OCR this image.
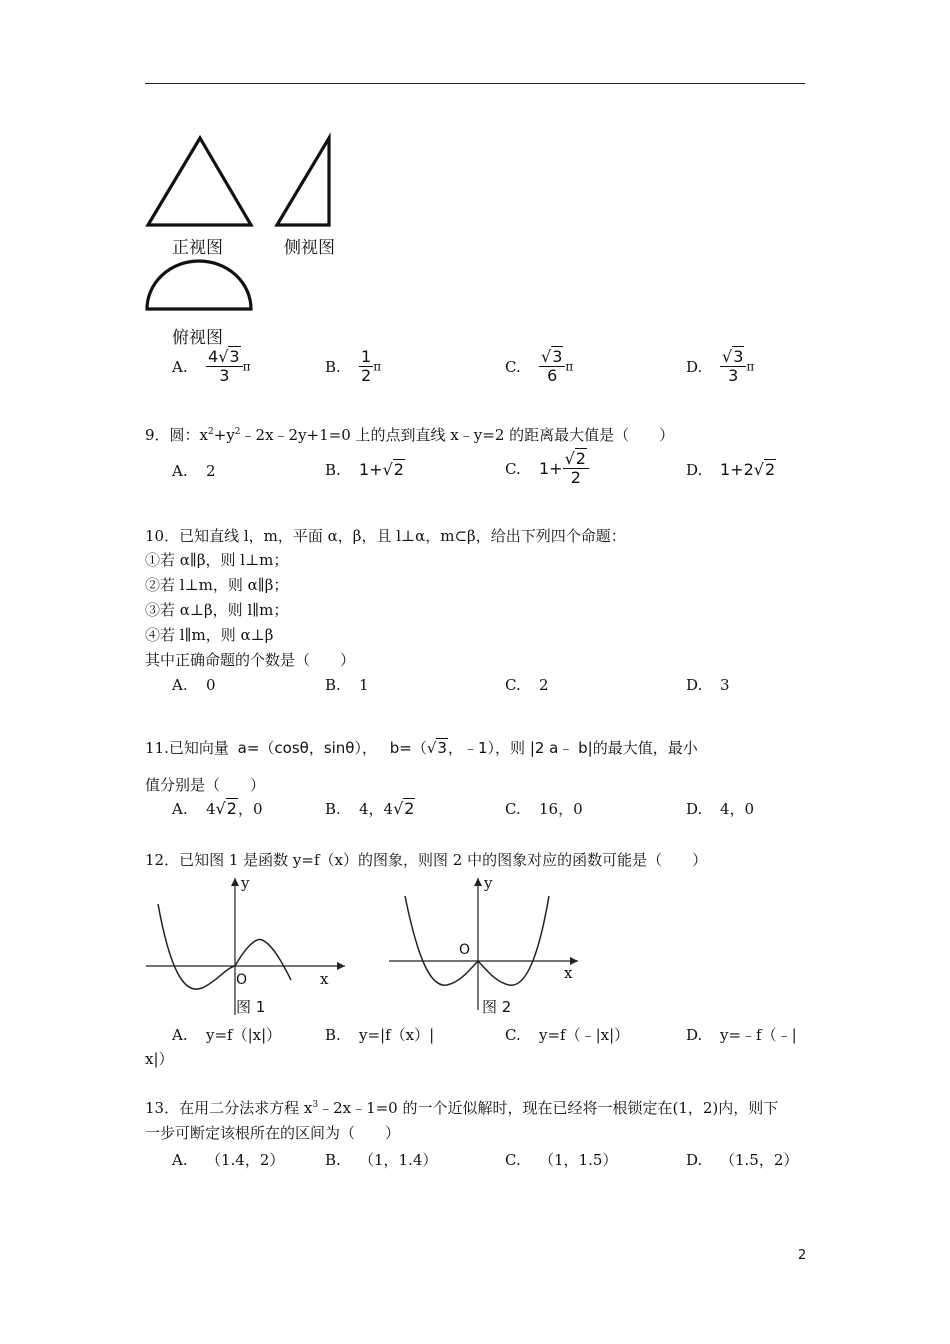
正视图	侧视图
俯视图
A. $\frac{4√3}{3}$ π	B. $\frac{1}{2}$ π	C. $\frac{√3}{6}$ π	D. $\frac{√3}{3}$ π
9．圆：$x^2+y^2﹣2x﹣2y+1=0$ 上的点到直线 x﹣y=2 的距离最大值是（　　）
A. 2	B. 1+√2	C. $1+ \frac{√2}{2}$	D. 1+2√2
10．已知直线 l，m，平面 α，β，且 l⊥α，m⊂β，给出下列四个命题：
①若 α∥β，则 l⊥m；
②若 l⊥m，则 α∥β；
③若 α⊥β，则 l∥m；
④若 l∥m，则 α⊥β
其中正确命题的个数是（　　）
A. 0	B. 1	C. 2	D. 3
11.已知向量 a=（cosθ，sinθ）， b=（√3，﹣1），则 |2 a﹣ b|的最大值，最小
值分别是（　　）
A. 4√2，0	B. 4，4√2	C. 16，0	D. 4，0
12．已知图 1 是函数 y=f（x）的图象，则图 2 中的图象对应的函数可能是（　　）
y
x
O
图 1
y
x
O
图 2
A. y=f（|x|）	B. y=|f（x）|	C. y=f（﹣|x|）	D. y=﹣f（﹣|
x|）
13．在用二分法求方程 $x^3﹣2x﹣1=0$ 的一个近似解时，现在已经将一根锁定在(1，2)内，则下
一步可断定该根所在的区间为（　　）
A. （1.4，2）	B. （1，1.4）	C. （1，1.5）	D. （1.5，2）
2
